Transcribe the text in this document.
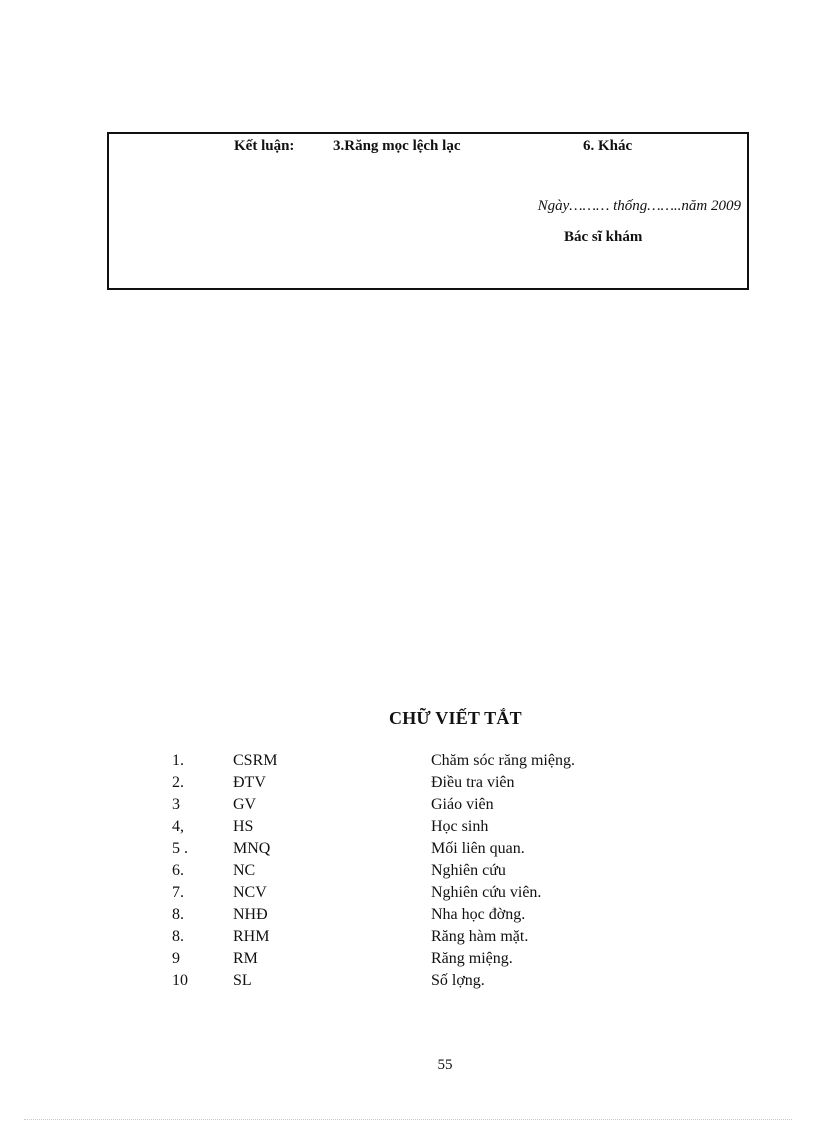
Kết luận:	3.Răng mọc lệch lạc	6. Khác
Ngày……… thống……..năm 2009
Bác sĩ khám
CHỮ VIẾT TẮT
1.	CSRM	Chăm sóc răng miệng.
2.	ĐTV	Điều tra viên
3	GV	Giáo viên
4,	HS	Học sinh
5 .	MNQ	Mối liên quan.
6.	NC	Nghiên cứu
7.	NCV	Nghiên cứu viên.
8.	NHĐ	Nha học đờng.
8.	RHM	Răng hàm mặt.
9	RM	Răng miệng.
10	SL	Số lợng.
55
